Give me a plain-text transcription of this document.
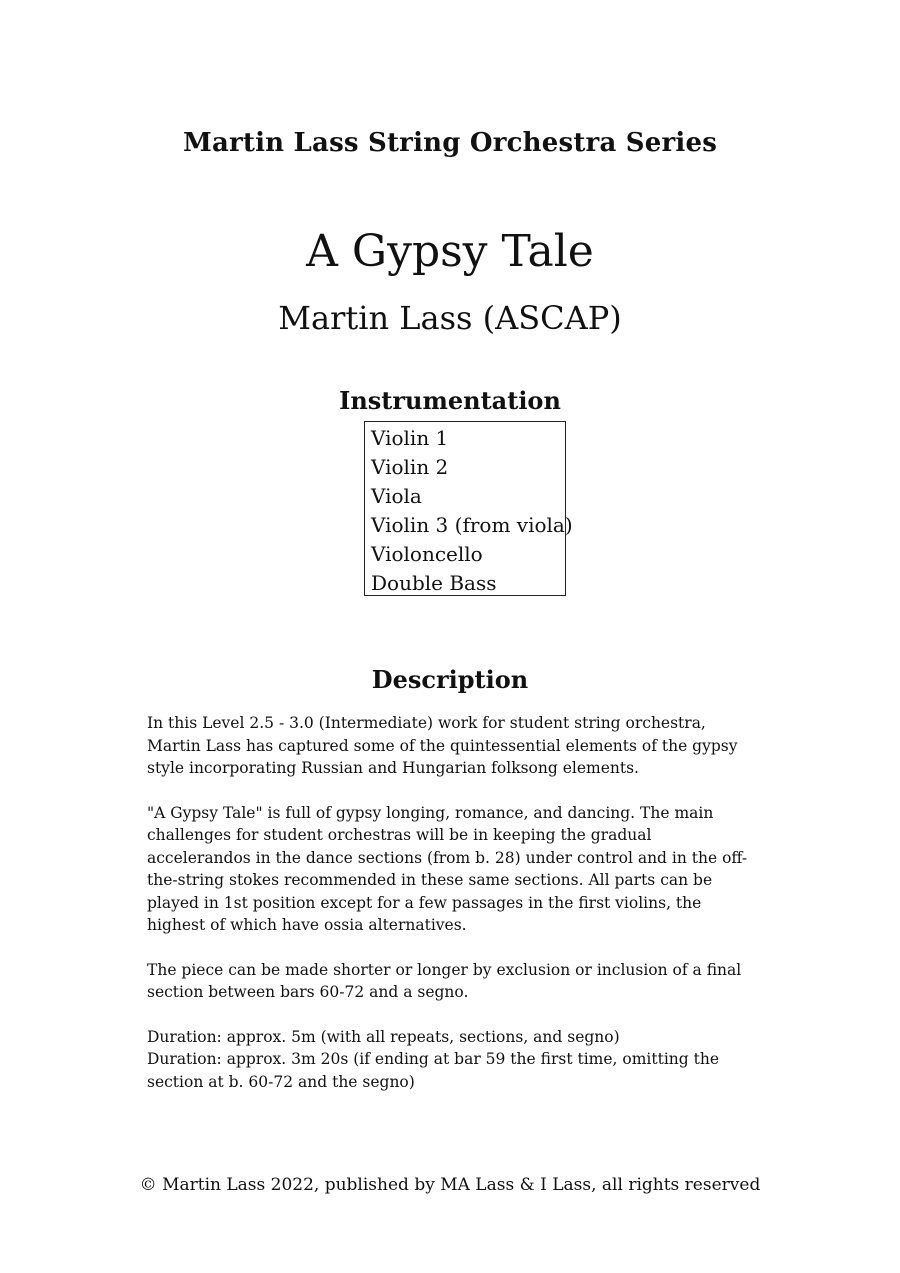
Martin Lass String Orchestra Series
A Gypsy Tale
Martin Lass (ASCAP)
Instrumentation
Violin 1
Violin 2
Viola
Violin 3 (from viola)
Violoncello
Double Bass
Description

In this Level 2.5 - 3.0 (Intermediate) work for student string orchestra, Martin Lass has captured some of the quintessential elements of the gypsy style incorporating Russian and Hungarian folksong elements.

"A Gypsy Tale" is full of gypsy longing, romance, and dancing. The main challenges for student orchestras will be in keeping the gradual accelerandos in the dance sections (from b. 28) under control and in the off-the-string stokes recommended in these same sections. All parts can be played in 1st position except for a few passages in the first violins, the highest of which have ossia alternatives.

The piece can be made shorter or longer by exclusion or inclusion of a final section between bars 60-72 and a segno.

Duration: approx. 5m (with all repeats, sections, and segno)
Duration: approx. 3m 20s (if ending at bar 59 the first time, omitting the section at b. 60-72 and the segno)

© Martin Lass 2022, published by MA Lass & I Lass, all rights reserved
